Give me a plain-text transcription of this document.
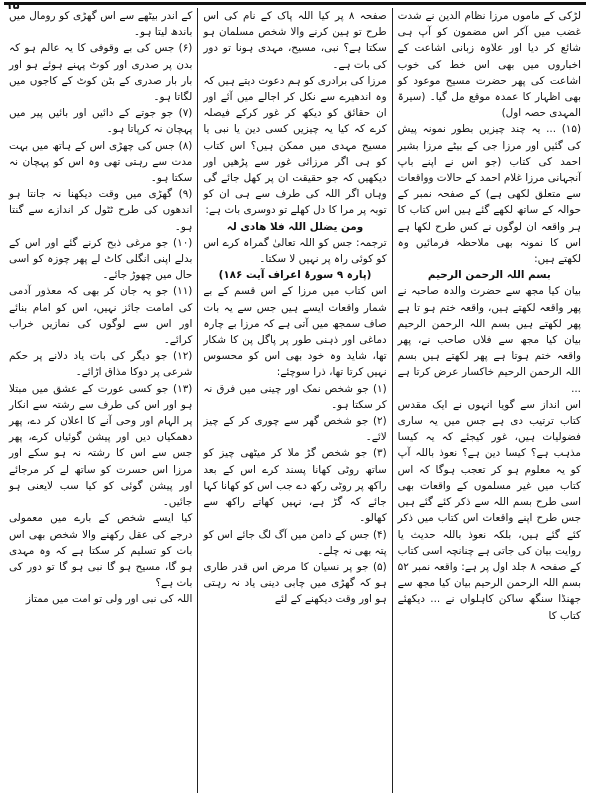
۱۵

لڑکی کے ماموں مرزا نظام الدین نے شدت غضب میں آکر اس مضمون کو آپ ہی شائع کر دیا اور علاوہ زبانی اشاعت کے اخباروں میں بھی اس خط کی خوب اشاعت کی پھر حضرت مسیح موعود کو بھی اظہار کا عمدہ موقع مل گیا۔ (سیرۃ المہدی حصہ اول)

(۱۵) ... یہ چند چیزیں بطور نمونہ پیش کی گئیں اور مرزا جی کے بیٹے مرزا بشیر احمد کی کتاب (جو اس نے اپنے باپ آنجہانی مرزا غلام احمد کے حالات وواقعات سے متعلق لکھی ہے) کے صفحہ نمبر کے حوالہ کے ساتھ لکھے گئے ہیں اس کتاب کا ہر واقعہ ان لوگوں نے کس طرح لکھا ہے اس کا نمونہ بھی ملاحظہ فرمائیں وہ لکھتے ہیں:

بسم اللہ الرحمن الرحیم

بیان کیا مجھ سے حضرت والدہ صاحبہ نے پھر واقعہ لکھتے ہیں، واقعہ ختم ہو تا ہے پھر لکھتے ہیں بسم اللہ الرحمن الرحیم بیان کیا مجھ سے فلاں صاحب نے، پھر واقعہ ختم ہوتا ہے پھر لکھتے ہیں بسم اللہ الرحمن الرحیم خاکسار عرض کرتا ہے ...

اس انداز سے گویا انہوں نے ایک مقدس کتاب ترتیب دی ہے جس میں یہ ساری فضولیات ہیں، غور کیجئے کہ یہ کیسا مذہب ہے؟ کیسا دین ہے؟ نعوذ باللہ آپ کو یہ معلوم ہو کر تعجب ہوگا کہ اس کتاب میں غیر مسلموں کے واقعات بھی اسی طرح بسم اللہ سے ذکر کئے گئے ہیں جس طرح اپنے واقعات اس کتاب میں ذکر کئے گئے ہیں، بلکہ نعوذ باللہ حدیث یا روایت بیان کی جاتی ہے چنانچہ اسی کتاب کے صفحہ ۸ جلد اول پر ہے: واقعہ نمبر ۵۲ بسم اللہ الرحمن الرحیم بیان کیا مجھ سے جھنڈا سنگھ ساکن کاہلواں نے ... دیکھئے کتاب کا

صفحہ ۸ پر کیا اللہ پاک کے نام کی اس طرح تو ہین کرنے والا شخص مسلمان ہو سکتا ہے؟ نبی، مسیح، مہدی ہونا تو دور کی بات ہے۔

مرزا کی برادری کو ہم دعوت دیتے ہیں کہ وہ اندھیرے سے نکل کر اجالے میں آئے اور ان حقائق کو دیکھ کر غور کرکے فیصلہ کرے کہ کیا یہ چیزیں کسی دین یا نبی یا مسیح مہدی میں ممکن ہیں؟ اس کتاب کو ہی اگر مرزائی غور سے پڑھیں اور دیکھیں کہ جو حقیقت ان پر کھل جائے گی وہاں اگر اللہ کی طرف سے ہی ان کو توبہ پر مرا کا دل کھلے تو دوسری بات ہے:

ومن یضلل اللہ فلا ھادی لہ

ترجمہ: جس کو اللہ تعالیٰ گمراہ کرے اس کو کوئی راہ پر نہیں لا سکتا۔

(پارہ ۹ سورۂ اعراف آیت ۱۸۶)

اس کتاب میں مرزا کے اس قسم کے بے شمار واقعات ایسے ہیں جس سے یہ بات صاف سمجھ میں آتی ہے کہ مرزا بے چارہ دماغی اور ذہنی طور پر پاگل پن کا شکار تھا، شاید وہ خود بھی اس کو محسوس نہیں کرتا تھا، ذرا سوچئے:

(۱) جو شخص نمک اور چینی میں فرق نہ کر سکتا ہو۔

(۲) جو شخص گھر سے چوری کر کے چیز لائے۔

(۳) جو شخص گڑ ملا کر میٹھی چیز کو ساتھ روٹی کھانا پسند کرے اس کے بعد راکھ پر روٹی رکھ دے جب اس کو کھانا کہا جائے کہ گڑ ہے، نہیں کھاتے راکھ سے کھالو۔

(۴) جس کے دامن میں آگ لگ جائے اس کو پتہ بھی نہ چلے۔

(۵) جو پر نسیان کا مرض اس قدر طاری ہو کہ گھڑی میں چابی دینی یاد نہ رہتی ہو اور وقت دیکھنے کے لئے

کے اندر بیٹھے سے اس گھڑی کو رومال میں باندھ لیتا ہو۔

(۶) جس کی بے وقوفی کا یہ عالم ہو کہ بدن پر صدری اور کوٹ پہنے ہوئے ہو اور بار بار صدری کے بٹن کوٹ کے کاجوں میں لگاتا ہو۔

(۷) جو جوتے کے دائیں اور بائیں پیر میں پہچان نہ کرپاتا ہو۔

(۸) جس کی چھڑی اس کے ہاتھ میں بہت مدت سے رہتی تھی وہ اس کو پہچان نہ سکتا ہو۔

(۹) گھڑی میں وقت دیکھنا نہ جانتا ہو اندھوں کی طرح ٹٹول کر اندازے سے گنتا ہو۔

(۱۰) جو مرغی ذبح کرنے گئے اور اس کے بدلے اپنی انگلی کاٹ لے پھر چوزہ کو اسی حال میں چھوڑ جائے۔

(۱۱) جو یہ جان کر بھی کہ معذور آدمی کی امامت جائز نہیں، اس کو امام بنائے اور اس سے لوگوں کی نمازیں خراب کرائے۔

(۱۲) جو دیگر کی بات یاد دلانے پر حکم شرعی پر دوکا مذاق اڑائے۔

(۱۳) جو کسی عورت کے عشق میں مبتلا ہو اور اس کی طرف سے رشتہ سے انکار پر الہام اور وحی آنے کا اعلان کر دے، پھر دھمکیاں دیں اور پیشن گوئیاں کرے، پھر جس سے اس کا رشتہ نہ ہو سکے اور مرزا اس حسرت کو ساتھ لے کر مرجائے اور پیشن گوئی کو کیا سب لایعنی ہو جائیں۔

کیا ایسے شخص کے بارے میں معمولی درجے کی عقل رکھنے والا شخص بھی اس بات کو تسلیم کر سکتا ہے کہ وہ مہدی ہو گا، مسیح ہو گا نبی ہو گا تو دور کی بات ہے؟

اللہ کی نبی اور ولی تو امت میں ممتاز
